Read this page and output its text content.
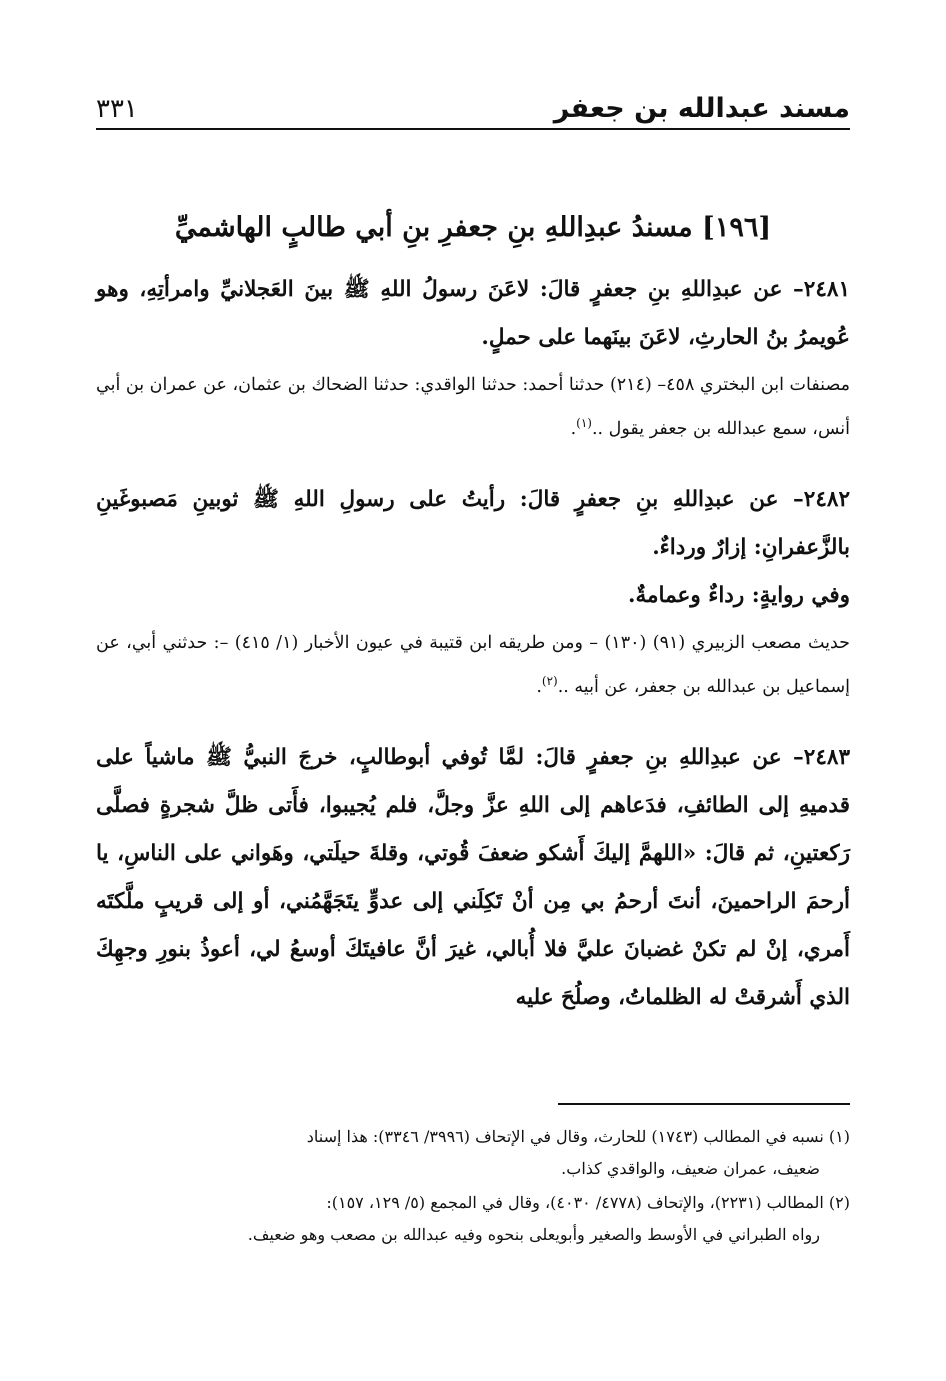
مسند عبدالله بن جعفر
٣٣١
[١٩٦] مسندُ عبدِاللهِ بنِ جعفرِ بنِ أبي طالبٍ الهاشميِّ

٢٤٨١– عن عبدِاللهِ بنِ جعفرٍ قالَ: لاعَنَ رسولُ اللهِ ﷺ بينَ العَجلانيِّ وامرأتِهِ، وهو عُويمرُ بنُ الحارثِ، لاعَنَ بينَهما على حملٍ.

مصنفات ابن البختري ٤٥٨– (٢١٤) حدثنا أحمد: حدثنا الواقدي: حدثنا الضحاك بن عثمان، عن عمران بن أبي أنس، سمع عبدالله بن جعفر يقول ..$^{(١)}$.

٢٤٨٢– عن عبدِاللهِ بنِ جعفرٍ قالَ: رأيتُ على رسولِ اللهِ ﷺ ثوبينِ مَصبوغَينِ بالزَّعفرانِ: إزارٌ ورداءٌ.

وفي روايةٍ: رداءٌ وعمامةٌ.

حديث مصعب الزبيري (٩١) (١٣٠) – ومن طريقه ابن قتيبة في عيون الأخبار (١/ ٤١٥) –: حدثني أبي، عن إسماعيل بن عبدالله بن جعفر، عن أبيه ..$^{(٢)}$.

٢٤٨٣– عن عبدِاللهِ بنِ جعفرٍ قالَ: لمَّا تُوفي أبوطالبٍ، خرجَ النبيُّ ﷺ ماشياً على قدميهِ إلى الطائفِ، فدَعاهم إلى اللهِ عزَّ وجلَّ، فلم يُجيبوا، فأَتى ظلَّ شجرةٍ فصلَّى رَكعتينِ، ثم قالَ: «اللهمَّ إليكَ أَشكو ضعفَ قُوتي، وقلةَ حيلَتي، وهَواني على الناسِ، يا أرحمَ الراحمينَ، أنتَ أرحمُ بي مِن أنْ تَكِلَني إلى عدوٍّ يتَجَهَّمُني، أو إلى قريبٍ ملَّكتَه أَمري، إنْ لم تكنْ غضبانَ عليَّ فلا أُبالي، غيرَ أنَّ عافيتَكَ أوسعُ لي، أعوذُ بنورِ وجهِكَ الذي أَشرقتْ له الظلماتُ، وصلُحَ عليه

(١) نسبه في المطالب (١٧٤٣) للحارث، وقال في الإتحاف (٣٩٩٦/ ٣٣٤٦): هذا إسناد
ضعيف، عمران ضعيف، والواقدي كذاب.

(٢) المطالب (٢٢٣١)، والإتحاف (٤٧٧٨/ ٤٠٣٠)، وقال في المجمع (٥/ ١٢٩، ١٥٧):
رواه الطبراني في الأوسط والصغير وأبويعلى بنحوه وفيه عبدالله بن مصعب وهو ضعيف.
